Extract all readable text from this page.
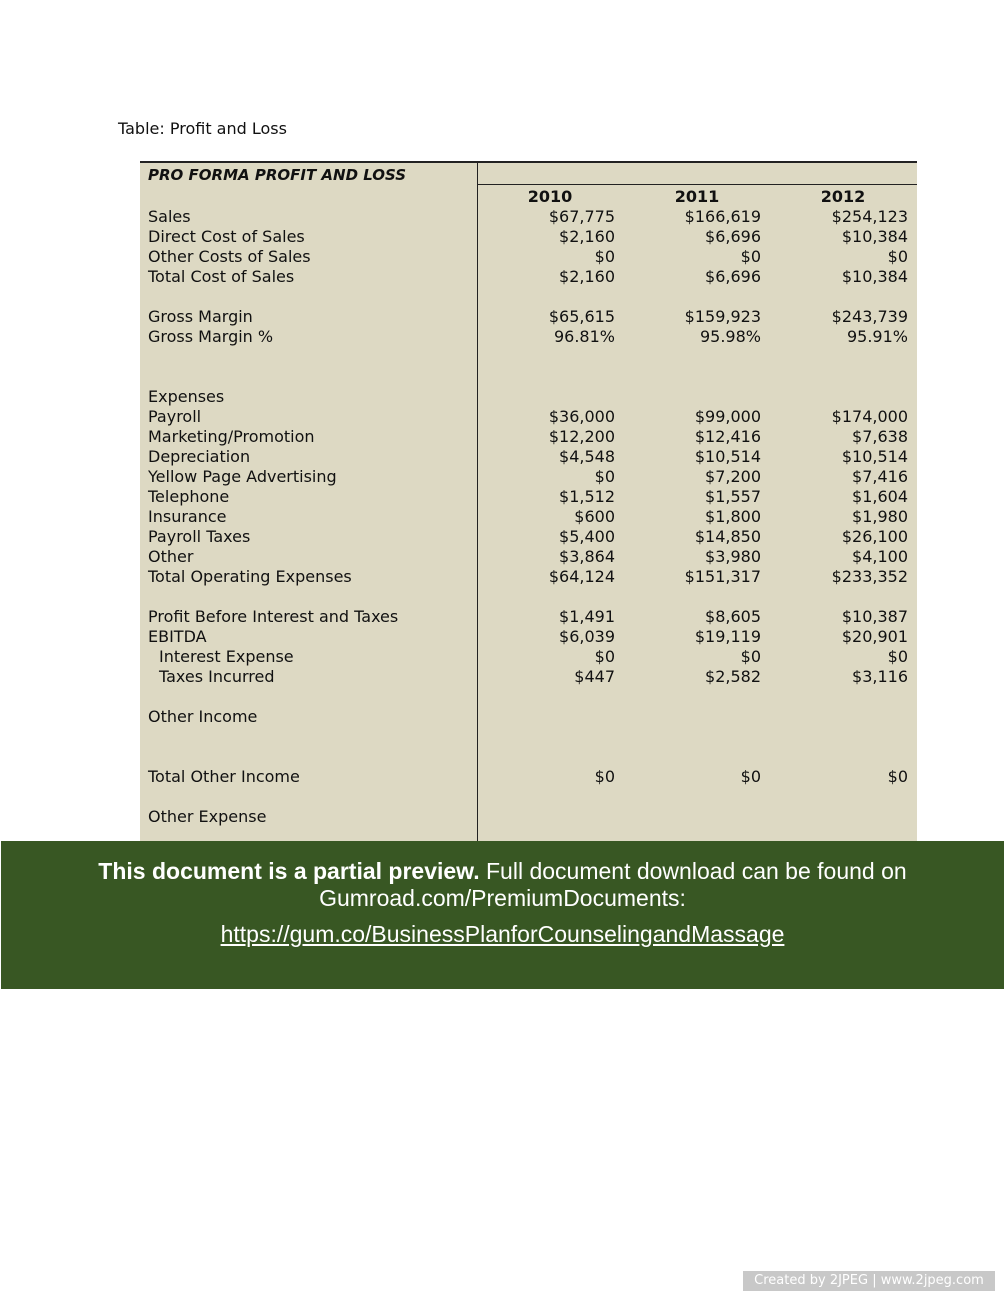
Table: Profit and Loss
PRO FORMA PROFIT AND LOSS
2010	2011	2012
Sales	$67,775	$166,619	$254,123
Direct Cost of Sales	$2,160	$6,696	$10,384
Other Costs of Sales	$0	$0	$0
Total Cost of Sales	$2,160	$6,696	$10,384
Gross Margin	$65,615	$159,923	$243,739
Gross Margin %	96.81%	95.98%	95.91%
Expenses
Payroll	$36,000	$99,000	$174,000
Marketing/Promotion	$12,200	$12,416	$7,638
Depreciation	$4,548	$10,514	$10,514
Yellow Page Advertising	$0	$7,200	$7,416
Telephone	$1,512	$1,557	$1,604
Insurance	$600	$1,800	$1,980
Payroll Taxes	$5,400	$14,850	$26,100
Other	$3,864	$3,980	$4,100
Total Operating Expenses	$64,124	$151,317	$233,352
Profit Before Interest and Taxes	$1,491	$8,605	$10,387
EBITDA	$6,039	$19,119	$20,901
Interest Expense	$0	$0	$0
Taxes Incurred	$447	$2,582	$3,116
Other Income
Total Other Income	$0	$0	$0
Other Expense
This document is a partial preview. Full document download can be found on
Gumroad.com/PremiumDocuments:
https://gum.co/BusinessPlanforCounselingandMassage
Created by 2JPEG | www.2jpeg.com
